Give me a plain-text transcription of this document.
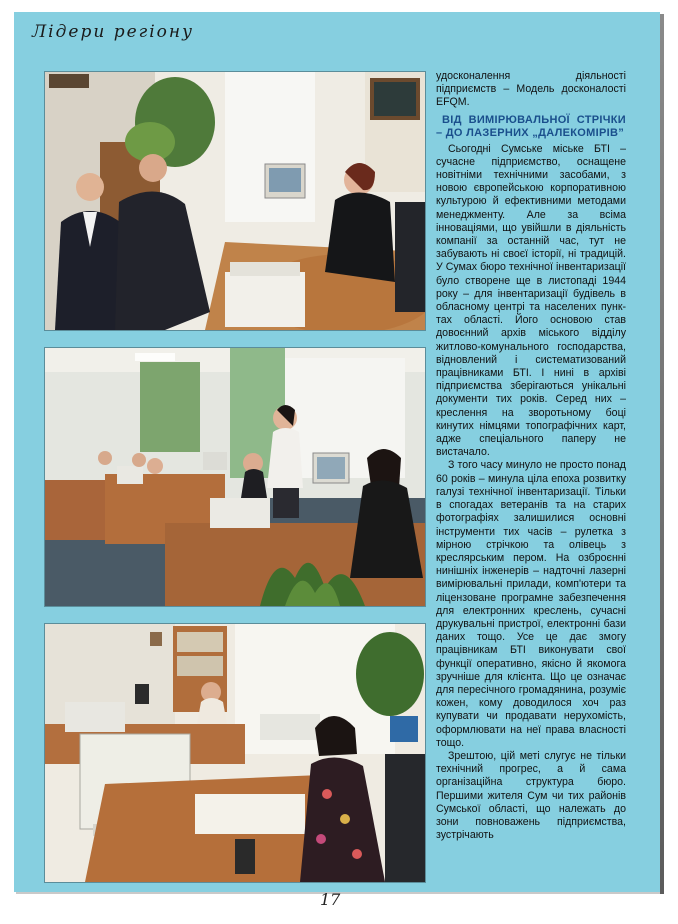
Лідери регіону

удосконалення діяльності підприємств – Модель досконалості EFQM.

ВІД ВИМІРЮВАЛЬНОЇ СТРІЧКИ – ДО ЛАЗЕРНИХ „ДАЛЕКОМІРІВ”

Сьогодні Сумське міське БТІ – сучасне підприємство, оснащене новітніми технічними засобами, з новою європейською корпоративною культурою й ефективними методами менеджменту. Але за всіма інноваціями, що увійшли в діяльність компанії за останній час, тут не забувають ні своєї історії, ні традицій. У Сумах бюро технічної інвентаризації було створене ще в листопаді 1944 року – для інвентаризації будівель в обласному центрі та населених пунктах області. Його основою став довоєнний архів міського відділу житлово-комунального господарства, відновлений і систематизований працівниками БТІ. І нині в архіві підприємства зберігаються унікальні документи тих років. Серед них – креслення на зворотьному боці кинутих німцями топографічних карт, адже спеціального паперу не вистачало.

З того часу минуло не просто понад 60 років – минула ціла епоха розвитку галузі технічної інвентаризації. Тільки в спогадах ветеранів та на старих фотографіях залишилися основні інструменти тих часів – рулетка з мірною стрічкою та олівець з креслярським пером. На озброєнні нинішніх інженерів – надточні лазерні вимірювальні прилади, комп'ютери та ліцензоване програмне забезпечення для електронних креслень, сучасні друкувальні пристрої, електронні бази даних тощо. Усе це дає змогу працівникам БТІ виконувати свої функції оперативно, якісно й якомога зручніше для клієнта. Що це означає для пересічного громадянина, розуміє кожен, кому доводилося хоч раз купувати чи продавати нерухомість, оформлювати на неї права власності тощо.

Зрештою, цій меті слугує не тільки технічний прогрес, а й сама організаційна структура бюро. Першими жителя Сум чи тих районів Сумської області, що належать до зони повноважень підприємства, зустрічають

17
